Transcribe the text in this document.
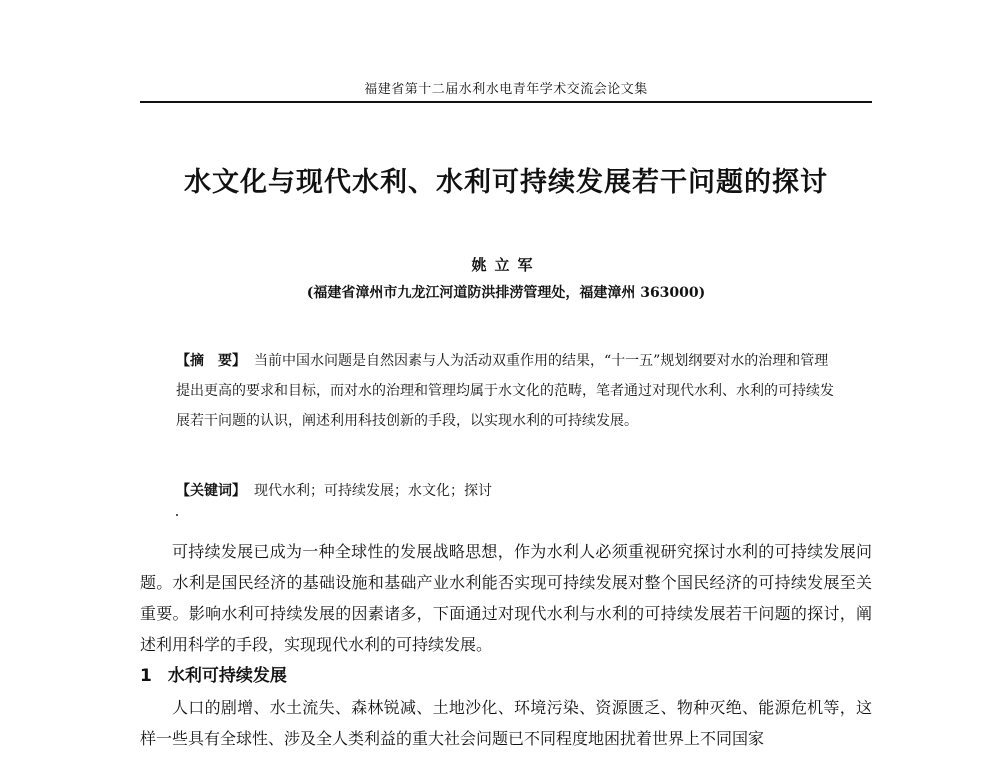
福建省第十二届水利水电青年学术交流会论文集
水文化与现代水利、水利可持续发展若干问题的探讨
姚立军
(福建省漳州市九龙江河道防洪排涝管理处，福建漳州 363000)

【摘　要】 当前中国水问题是自然因素与人为活动双重作用的结果，“十一五”规划纲要对水的治理和管理提出更高的要求和目标，而对水的治理和管理均属于水文化的范畴，笔者通过对现代水利、水利的可持续发展若干问题的认识，阐述利用科技创新的手段，以实现水利的可持续发展。

【关键词】 现代水利；可持续发展；水文化；探讨

可持续发展已成为一种全球性的发展战略思想，作为水利人必须重视研究探讨水利的可持续发展问题。水利是国民经济的基础设施和基础产业水利能否实现可持续发展对整个国民经济的可持续发展至关重要。影响水利可持续发展的因素诸多，下面通过对现代水利与水利的可持续发展若干问题的探讨，阐述利用科学的手段，实现现代水利的可持续发展。

1 水利可持续发展

人口的剧增、水土流失、森林锐减、土地沙化、环境污染、资源匮乏、物种灭绝、能源危机等，这样一些具有全球性、涉及全人类利益的重大社会问题已不同程度地困扰着世界上不同国家
